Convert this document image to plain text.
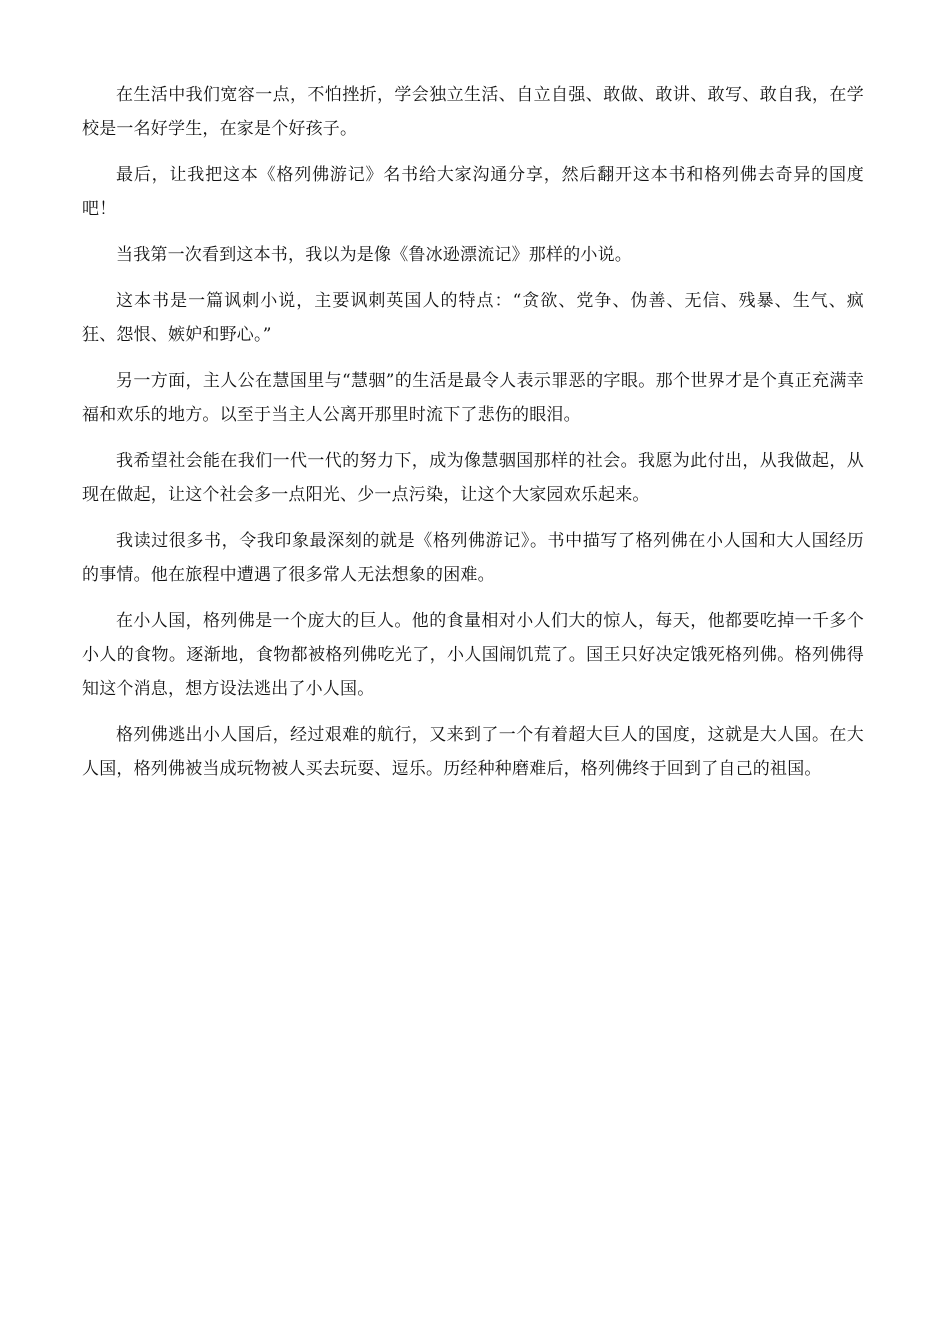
在生活中我们宽容一点，不怕挫折，学会独立生活、自立自强、敢做、敢讲、敢写、敢自我，在学校是一名好学生，在家是个好孩子。

最后，让我把这本《格列佛游记》名书给大家沟通分享，然后翻开这本书和格列佛去奇异的国度吧！

当我第一次看到这本书，我以为是像《鲁冰逊漂流记》那样的小说。

这本书是一篇讽刺小说，主要讽刺英国人的特点：“贪欲、党争、伪善、无信、残暴、生气、疯狂、怨恨、嫉妒和野心。”

另一方面，主人公在慧国里与“慧骃”的生活是最令人表示罪恶的字眼。那个世界才是个真正充满幸福和欢乐的地方。以至于当主人公离开那里时流下了悲伤的眼泪。

我希望社会能在我们一代一代的努力下，成为像慧骃国那样的社会。我愿为此付出，从我做起，从现在做起，让这个社会多一点阳光、少一点污染，让这个大家园欢乐起来。

我读过很多书，令我印象最深刻的就是《格列佛游记》。书中描写了格列佛在小人国和大人国经历的事情。他在旅程中遭遇了很多常人无法想象的困难。

在小人国，格列佛是一个庞大的巨人。他的食量相对小人们大的惊人，每天，他都要吃掉一千多个小人的食物。逐渐地，食物都被格列佛吃光了，小人国闹饥荒了。国王只好决定饿死格列佛。格列佛得知这个消息，想方设法逃出了小人国。

格列佛逃出小人国后，经过艰难的航行，又来到了一个有着超大巨人的国度，这就是大人国。在大人国，格列佛被当成玩物被人买去玩耍、逗乐。历经种种磨难后，格列佛终于回到了自己的祖国。
